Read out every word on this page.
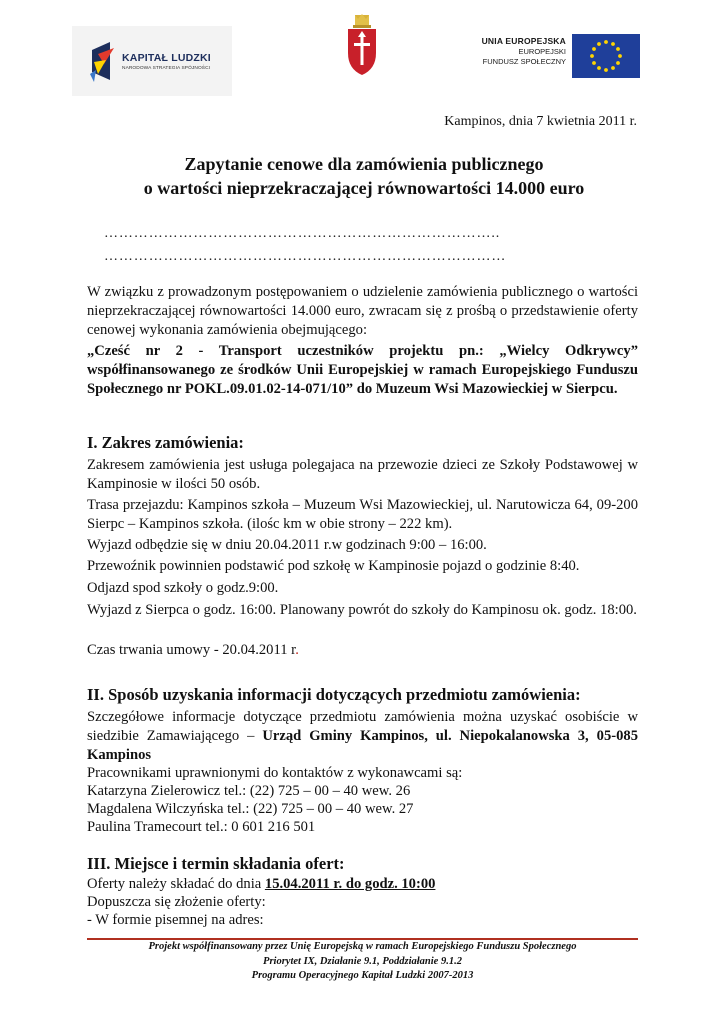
KAPITAŁ LUDZKI
NARODOWA STRATEGIA SPÓJNOŚCI
UNIA EUROPEJSKA
EUROPEJSKI
FUNDUSZ SPOŁECZNY
Kampinos, dnia 7 kwietnia 2011 r.
Zapytanie cenowe dla zamówienia publicznego
o wartości nieprzekraczającej równowartości 14.000 euro
……………………………………………………………………..
………………………………………………………………………
W związku z prowadzonym postępowaniem o udzielenie zamówienia publicznego o wartości nieprzekraczającej równowartości 14.000 euro, zwracam się z prośbą o przedstawienie oferty cenowej wykonania zamówienia obejmującego:
„Cześć nr 2 - Transport uczestników projektu pn.: „Wielcy Odkrywcy” współfinansowanego ze środków Unii Europejskiej w ramach Europejskiego Funduszu Społecznego nr POKL.09.01.02-14-071/10” do Muzeum Wsi Mazowieckiej w Sierpcu.
I. Zakres zamówienia:
Zakresem zamówienia jest usługa polegajaca na przewozie dzieci ze Szkoły Podstawowej w Kampinosie w ilości 50 osób.
Trasa przejazdu: Kampinos szkoła – Muzeum Wsi Mazowieckiej, ul. Narutowicza 64, 09-200 Sierpc – Kampinos szkoła. (ilośc km w obie strony – 222 km).
Wyjazd odbędzie się w dniu 20.04.2011 r.w godzinach 9:00 – 16:00.
Przewoźnik powinnien podstawić pod szkołę w Kampinosie pojazd o godzinie 8:40.
Odjazd spod szkoły o godz.9:00.
Wyjazd z Sierpca o godz. 16:00. Planowany powrót do szkoły do Kampinosu ok. godz. 18:00.
Czas trwania umowy - 20.04.2011 r.
II. Sposób uzyskania informacji dotyczących przedmiotu zamówienia:
Szczegółowe informacje dotyczące przedmiotu zamówienia można uzyskać osobiście w siedzibie Zamawiającego – Urząd Gminy Kampinos, ul. Niepokalanowska 3, 05-085 Kampinos
Pracownikami uprawnionymi do kontaktów z wykonawcami są:
Katarzyna Zielerowicz tel.: (22) 725 – 00 – 40 wew. 26
Magdalena Wilczyńska tel.: (22) 725 – 00 – 40 wew. 27
Paulina Tramecourt tel.: 0 601 216 501
III. Miejsce i termin składania ofert:
Oferty należy składać do dnia 15.04.2011 r. do godz. 10:00
Dopuszcza się złożenie oferty:
- W formie pisemnej na adres:
Projekt współfinansowany przez Unię Europejską w ramach Europejskiego Funduszu Społecznego
Priorytet IX, Działanie 9.1, Poddziałanie 9.1.2
Programu Operacyjnego Kapitał Ludzki 2007-2013
